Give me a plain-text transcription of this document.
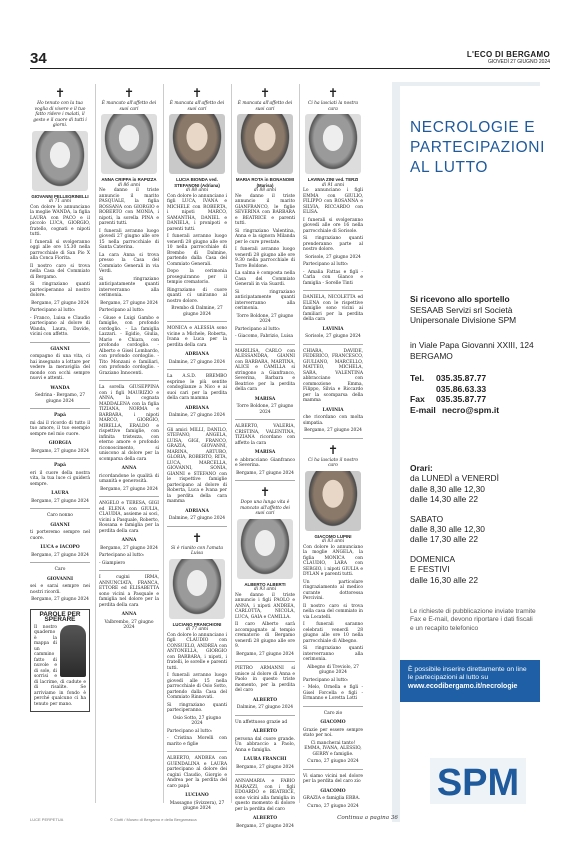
34	L'ECO DI BERGAMO
GIOVEDÌ 27 GIUGNO 2024
✝

Ho tenuto con la tua voglia di vivere e il tuo fatto ridere i malati, il gesto e il cuore di tutti i giorni.

GIOVANNI PELLEGRINELLI
di 71 anni

Con dolore lo annunciano la moglie WANDA, la figlia LAURA con PACO e il piccolo LUCA, GIORGIO, fratello, cognati e nipoti tutti.

I funerali si svolgeranno oggi alle ore 15.30 nella parrocchiale di San Pio X alla Conca Fiorita.

Il nostro caro si trova nella Casa del Commiato di Bergamo.

Si ringraziano quanti parteciperanno al nostro dolore.

Bergamo, 27 giugno 2024

Partecipano al lutto:

- Franco, Luisa e Claudio partecipano al dolore di Wanda, Laura, Davide, vicini con affetto.

GIANNI

compagno di una vita, ci hai insegnato a lottare per vedere la meraviglia del mondo con occhi sempre nuovi e attenti.

WANDA

Sedrina - Bergamo, 27 giugno 2024

Papà

mi dai il ricordo di tutto il tuo amore, il tuo esempio sempre nel mio cuore.

GIORGIA

Bergamo, 27 giugno 2024

Papà

eri il cuore della nostra vita, la tua luce ci guiderà sempre.

LAURA

Bergamo, 27 giugno 2024

Caro nonno

GIANNI

ti porteremo sempre nel cuore.

LUCA e IACOPO

Bergamo, 27 giugno 2024

Caro

GIOVANNI

sei e sarai sempre nei nostri ricordi.

Bergamo, 27 giugno 2024

PAROLE PER SPERARE

Il nostro quaderno è la mappa di un cammino fatto di nuvole e di sole, di sorrisi e di lacrime, di cadute e di risalite. Se arriviamo in fondo è perché qualcuno ci ha tenuto per mano.

✝

È mancato all'affetto dei suoi cari

ANNA CRIPPA in RAPIZZA
di 86 anni

Ne danno il triste annuncio il marito PASQUALE, la figlia ROSSANA con GIORGIO e ROBERTO con MONIA, i nipoti, la sorella PINA e parenti tutti.

I funerali avranno luogo giovedì 27 giugno alle ore 15 nella parrocchiale di Santa Caterina.

La cara Anna si trova presso la Casa del Commiato Generali in via Verdi.

Si ringraziano anticipatamente quanti interverranno alla cerimonia.

Bergamo, 27 giugno 2024

Partecipano al lutto:

- Giuse e Luigi Gambo e famiglie, con profondo cordoglio. - La famiglia Lazzari. - Egidio, Giulia, Mario e Chiara, con profondo cordoglio. - Alberto e Gisel Lombardo, con profondo cordoglio. - Tito Monzani e familiari, con profondo cordoglio. - Graziano Innocenti.

La sorella GIUSEPPINA con i figli MAURIZIO e ANNA, la cognata MADDALENA con la figlia TIZIANA, NORMA e BARBARA, i nipoti MARCO, GIORGIO, MIRELLA, ERALDO e rispettive famiglie, con infinita tristezza, con eterno amore e profondo riconoscimento, si uniscono al dolore per la scomparsa della cara

ANNA

ricordandone le qualità di umanità e generosità.

Bergamo, 27 giugno 2024

ANGELO e TERESA, GIGI ed ELENA con GIULIA, CLAUDIA, assieme ai soci, vicini a Pasquale, Roberto, Rossana e famiglia per la perdita della cara

ANNA

Bergamo, 27 giugno 2024

Partecipano al lutto:

- Giampiero

I cugini IRMA, ANNUNCIATA, FRANCA, ETTORE ed ELISABETTA sono vicini a Pasquale e famiglia nel dolore per la perdita della cara

ANNA

Valbrembo, 27 giugno 2024

✝

È mancata all'affetto dei suoi cari

LUCIA BIONDA ved. STEFANONI (Adriana)
di 88 anni

Con dolore lo annunciano i figli LUCA, IVANA e MICHELE con ROBERTA, i nipoti MARCO, SAMANTHA, DANIEL e DANIELA, i pronipoti e parenti tutti.

I funerali avranno luogo venerdì 28 giugno alle ore 10 nella parrocchiale di Brembo di Dalmine, partendo dalla Casa del Commiato Generali.

Dopo la cerimonia proseguiranno per il tempio crematorio.

Ringraziamo di cuore quanti ci uniranno al nostro dolore.

Brembo di Dalmine, 27 giugno 2024

MONICA e ALESSIA sono vicine a Michele, Roberta, Ivana e Luca per la perdita della cara

ADRIANA

Dalmine, 27 giugno 2024

La A.S.D. BREMBO esprime le più sentite condoglianze a Nico e ai suoi cari per la perdita della cara mamma

ADRIANA

Dalmine, 27 giugno 2024

Gli amici MILLI, DANILO, STEFANO, ANGELA, LUISA, GIGI, FRANCO, GRAZIA, GIOVANNI, MARINA, ARTURO, GLORIA, ROBERTO, RITA, LUCA, MARCELLA, GIOVANNI, SONIA, GIANNI e STEFANO con le rispettive famiglie partecipano al dolore di Roberta, Luca e Ivana per la perdita della cara mamma

ADRIANA

Dalmine, 27 giugno 2024

✝

Si è riunito con l'amata Luisa

LUCIANO FRANCHIONI
di 77 anni

Con dolore lo annunciano i figli CLAUDIO con CONSUELO, ANDREA con ANTONELLA, GIORGIO con BARBARA, i nipoti, i fratelli, le sorelle e parenti tutti.

I funerali avranno luogo giovedì alle 15 nella parrocchiale di Osio Sotto, partendo dalla Casa del Commiato Rinnovati.

Si ringraziano quanti parteciperanno.

Osio Sotto, 27 giugno 2024

Partecipano al lutto:

- Cristina Morelli con marito e figlie

ALBERTO, ANDREA con GUENDALINA e LAURA partecipano al dolore dei cugini Claudio, Giorgio e Andrea per la perdita del caro papà

LUCIANO

Massagno (Svizzera), 27 giugno 2024

✝

È mancata all'affetto dei suoi cari

MARIA ROTA in BONANOMI (Marisa)
di 88 anni

Ne danno il triste annuncio il marito GIANFRANCO, le figlie SEVERINA con BARBARA e BEATRICE e parenti tutti.

Si ringraziano Valentina, Anna e la signora Milanda per le cure prestate.

I funerali avranno luogo venerdì 28 giugno alle ore 9.30 nella parrocchiale di Torre Boldone.

La salma è composta nella Casa del Commiato Generali in via Suardi.

Si ringraziano anticipatamente quanti interverranno alla cerimonia.

Torre Boldone, 27 giugno 2024

Partecipano al lutto:

- Giacomo, Fabrizio, Luisa

MARILISA, CARLO con ALESSANDRA, GIANNI con BARBARA, MARTINA, ALICE e CAMILLA si stringono a Gianfranco, Severina, Barbara e Beatrice per la perdita della cara

MARISA

Torre Boldone, 27 giugno 2024

ALBERTO, VALERIA, CRISTINA, VALENTINA, TIZIANA ricordano con affetto la cara

MARISA

e abbracciano Gianfranco e Severina.

Bergamo, 27 giugno 2024

✝

Dopo una lunga vita è mancato all'affetto dei suoi cari

ALBERTO ALBERTI
di 93 anni

Ne danno il triste annuncio i figli PAOLO e ANNA, i nipoti ANDREA, CARLOTTA, NICOLA, LUCA, GAIA e CAMILLA.

Il caro Alberto sarà accompagnato al tempio crematorio di Bergamo venerdì 28 giugno alle ore 9.

Bergamo, 27 giugno 2024

PIETRO ARMANNI si unisce al dolore di Anna e Paolo in questo triste momento, per la perdita del caro

ALBERTO

Dalmine, 27 giugno 2024

Un affettuoso grazie ad

ALBERTO

persona dal cuore grande. Un abbraccio a Paolo, Anna e famiglia.

LAURA FRANCHI

Bergamo, 27 giugno 2024

ANNAMARIA e FABIO MARAZZI, con i figli EDOARDO e BEATRICE, sono vicini alla famiglia in questo momento di dolore per la perdita del caro

ALBERTO

Bergamo, 27 giugno 2024

✝

Ci ha lasciati la nostra cara

LAVINIA ZINI ved. TERZI
di 91 anni

Lo annunciano i figli EMMA con GIULIO, FILIPPO con ROSANNA e SILVIA, RICCARDO con ELISA.

I funerali si svolgeranno giovedì alle ore 16 nella parrocchiale di Sorisole.

Si ringraziano quanti prenderanno parte al nostro dolore.

Sorisole, 27 giugno 2024

Partecipano al lutto:

- Amalia Fattas e figli - Carla con Gianco e famiglia - Sorelle Tinti

DANIELA, NICOLETTA ed ELENA con le rispettive famiglie sono vicini ai familiari per la perdita della cara

LAVINIA

Sorisole, 27 giugno 2024

CHIARA, DAVIDE, FEDERICO, FRANCESCO, GIULIANO, MARCELLO, MATTEO, MICHELA, SARA, VALENTINA abbracciano con commozione Emma, Filippo, Silvia e Riccardo per la scomparsa della mamma

LAVINIA

che ricordano con molta simpatia.

Bergamo, 27 giugno 2024

✝

Ci ha lasciato il nostro caro

GIACOMO LUPINI
di 83 anni

Con dolore lo annunciano la moglie ANGELA, la figlia MONICA con CLAUDIO, LARA con SERGIO, i nipoti GIULIA e DYLAN e parenti tutti.

Un particolare ringraziamento al medico curante dottoressa Percivini.

Il nostro caro si trova nella casa del commiato in via Locatelli.

I funerali saranno celebrati venerdì 28 giugno alle ore 10 nella parrocchiale di Albegno.

Si ringraziano quanti interverranno alla cerimonia.

Albegno di Treviolo, 27 giugno 2024

Partecipano al lutto:

- Melo, Ornella e figli - Gisel Forcella e figli - Ermanno e Loretta Lotti

Caro zio

GIACOMO

Grazie per essere sempre stato per noi.

Ci mancherai tanto! EMMA, IVANA, ALESSIO, GERRY e famiglie.

Curno, 27 giugno 2024

Vi siamo vicini nel dolore per la perdita del caro zio

GIACOMO

GRAZIA e famiglia ERBA.

Curno, 27 giugno 2024

NECROLOGIE E PARTECIPAZIONI AL LUTTO
Si ricevono allo sportello
SESAAB Servizi srl Società Unipersonale Divisione SPM
in Viale Papa Giovanni XXIII, 124 BERGAMO
Tel. 035.35.87.77
035.86.63.33
Fax 035.35.87.77
E-mail necro@spm.it
Orari:
da LUNEDÌ a VENERDÌ
dalle 8,30 alle 12,30
dalle 14,30 alle 22
SABATO
dalle 8,30 alle 12,30
dalle 17,30 alle 22
DOMENICA
E FESTIVI
dalle 16,30 alle 22
Le richieste di pubblicazione inviate tramite Fax e E-mail, devono riportare i dati fiscali e un recapito telefonico
È possibile inserire direttamente on line le partecipazioni al lutto su
www.ecodibergamo.it/necrologie
SPM
LUCE PERPETUA	© Ciotti / Museo di Bergamo e della Bergamasca	Continua a pagina 36
